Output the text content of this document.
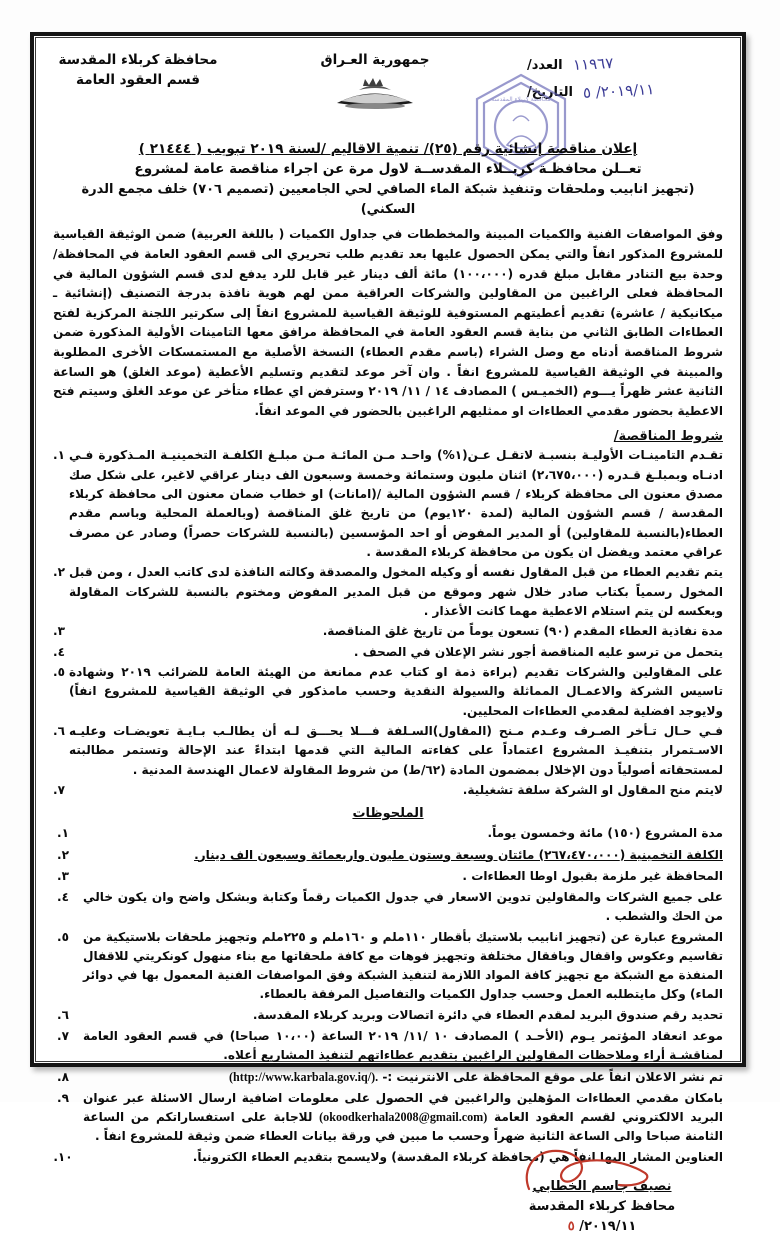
محافظة كربلاء المقدسة
قسم العقود العامة
جمهورية العـراق	العدد/ ١١٩٦٧
التاريخ/ ٢٠١٩/١١/ ٥
محافظة كربلاء المقدسة
إعلان مناقصة إنشائية رقم (٢٥)/ تنمية الاقاليم /لسنة ٢٠١٩ تبويب ( ٢١٤٤٤ )
تعــلن محافظـة كربــلاء المقدســة لاول مرة عن اجراء مناقصة عامة لمشروع
(تجهيز انابيب وملحقات وتنفيذ شبكة الماء الصافي لحي الجامعيين (تصميم ٧٠٦) خلف مجمع الدرة السكني)

وفق المواصفات الفنية والكميات المبينة والمخططات في جداول الكميات ( باللغة العربية) ضمن الوثيقة القياسية للمشروع المذكور انفاً والتي يمكن الحصول عليها بعد تقديم طلب تحريري الى قسم العقود العامة في المحافظة/ وحدة بيع التنادر مقابل مبلغ قدره (١٠٠،٠٠٠) مائة ألف دينار غير قابل للرد يدفع لدى قسم الشؤون المالية في المحافظة فعلى الراغبين من المقاولين والشركات العراقية ممن لهم هوية نافذة بدرجة التصنيف (إنشائية ـ ميكانيكية / عاشرة) تقديم أعطيتهم المستوفية للوثيقة القياسية للمشروع انفاً إلى سكرتير اللجنة المركزية لفتح العطاءات الطابق الثاني من بناية قسم العقود العامة في المحافظة مرافق معها التامينات الأولية المذكورة ضمن شروط المناقصة أدناه مع وصل الشراء (باسم مقدم العطاء) النسخة الأصلية مع المستمسكات الأخرى المطلوبة والمبينة في الوثيقة القياسية للمشروع انفاً . وان آخر موعد لتقديم وتسليم الأعطية (موعد الغلق) هو الساعة الثانية عشر ظهراً يـــوم (الخميـس ) المصادف ١٤ / ١١/ ٢٠١٩ وسترفض اي عطاء متأخر عن موعد الغلق وسيتم فتح الاعطية بحضور مقدمي العطاءات او ممثليهم الراغبين بالحضور في الموعد انفاً.

شروط المناقصة/
١. تقـدم التامينـات الأوليـة بنسبـة لاتقـل عـن(١%) واحـد مـن المائـة مـن مبلـغ الكلفـة التخمينيـة المـذكورة فـي ادنـاه وبمبلـغ قـدره (٢،٦٧٥،٠٠٠) اثنان مليون وستمائة وخمسة وسبعون الف دينار عراقي لاغير، على شكل صك مصدق معنون الى محافظة كربلاء / قسم الشؤون المالية /(امانات) او خطاب ضمان معنون الى محافظة كربلاء المقدسة / قسم الشؤون المالية (لمدة ١٢٠يوم) من تاريخ غلق المناقصة (وبالعملة المحلية وباسم مقدم العطاء(بالنسبة للمقاولين) أو المدير المفوض أو احد المؤسسين (بالنسبة للشركات حصراً) وصادر عن مصرف عراقي معتمد ويفضل ان يكون من محافظة كربلاء المقدسة .
٢. يتم تقديم العطاء من قبل المقاول نفسه أو وكيله المخول والمصدقة وكالته النافذة لدى كاتب العدل ، ومن قبل المخول رسمياً بكتاب صادر خلال شهر وموقع من قبل المدير المفوض ومختوم بالنسبة للشركات المقاولة وبعكسه لن يتم استلام الاعطية مهما كانت الأعذار .
٣.	مدة نفاذية العطاء المقدم (٩٠) تسعون يوماً من تاريخ غلق المناقصة.
٤.	يتحمل من ترسو عليه المناقصة أجور نشر الإعلان في الصحف .
٥. على المقاولين والشركات تقديم (براءة ذمة او كتاب عدم ممانعة من الهيئة العامة للضرائب ٢٠١٩ وشهادة تاسيس الشركة والاعمـال المماثلة والسيولة النقدية وحسب مامذكور في الوثيقة القياسية للمشروع انفاً) ولايوجد افضلية لمقدمي العطاءات المحليين.
٦. فـي حـال تـأخر الصـرف وعـدم مـنح (المقاول)السـلفة فـــلا يحـــق لـه أن يطالـب بـايـة تعويضـات وعليـه الاسـتمرار بتنفيـذ المشروع اعتماداً على كفاءته المالية التي قدمها ابتداءً عند الإحالة وتستمر مطالبته لمستحقاته أصولياً دون الإخلال بمضمون المادة (٦٢/ط) من شروط المقاولة لاعمال الهندسة المدنية .
٧.	لايتم منح المقاول او الشركة سلفة تشغيلية.
الملحوظات
١.	مدة المشروع (١٥٠) مائة وخمسون يوماً.
٢.	الكلفة التخمينية (٢٦٧،٤٧٠،٠٠٠) مائتان وسبعة وستون مليون واربعمائة وسبعون الف دينار.
٣.	المحافظة غير ملزمة بقبول اوطا العطاءات .
٤.	على جميع الشركات والمقاولين تدوين الاسعار في جدول الكميات رقماً وكتابة وبشكل واضح وان يكون خالي من الحك والشطب .
٥.	المشروع عبارة عن (تجهيز انابيب بلاستيك بأقطار ١١٠ملم و ١٦٠ملم و ٢٢٥ملم وتجهيز ملحقات بلاستيكية من تقاسيم وعكوس واقفال وبافقال مختلفة وتجهيز فوهات مع كافة ملحقاتها مع بناء منهول كونكريتي للاقفال المنفذة مع الشبكة مع تجهيز كافة المواد اللازمة لتنفيذ الشبكة وفق المواصفات الفنية المعمول بها في دوائر الماء) وكل مايتطلبه العمل وحسب جداول الكميات والتفاصيل المرفقة بالعطاء.
٦.	تحديد رقم صندوق البريد لمقدم العطاء في دائرة اتصالات وبريد كربلاء المقدسة.
٧.	موعد انعقاد المؤتمر يـوم (الأحـد ) المصادف ١٠ /١١/ ٢٠١٩ الساعة (١٠،٠٠ صباحا) في قسم العقود العامة لمناقشـة أراء وملاحظات المقاولين الراغبين بتقديم عطاءاتهم لتنفيذ المشاريع أعلاه.
٨.	تم نشر الاعلان انفاً على موقع المحافظة على الانترنيت :- (http://www.karbala.gov.iq/).
٩.	بامكان مقدمي العطاءات المؤهلين والراغبين في الحصول على معلومات اضافية ارسال الاسئلة عبر عنوان البريد الالكتروني لقسم العقود العامة (okoodkerhala2008@gmail.com) للاجابة على استفساراتكم من الساعة الثامنة صباحا والى الساعة الثانية ضهراً وحسب ما مبين في ورقة بيانات العطاء ضمن وثيقة للمشروع انفاً .
١٠.	العناوين المشار اليها انفاً هي (محافظة كربلاء المقدسة) ولايسمح بتقديم العطاء الكترونياً.
نصيف جاسم الخطابي
محافظ كربلاء المقدسة
٢٠١٩/١١/ ٥
